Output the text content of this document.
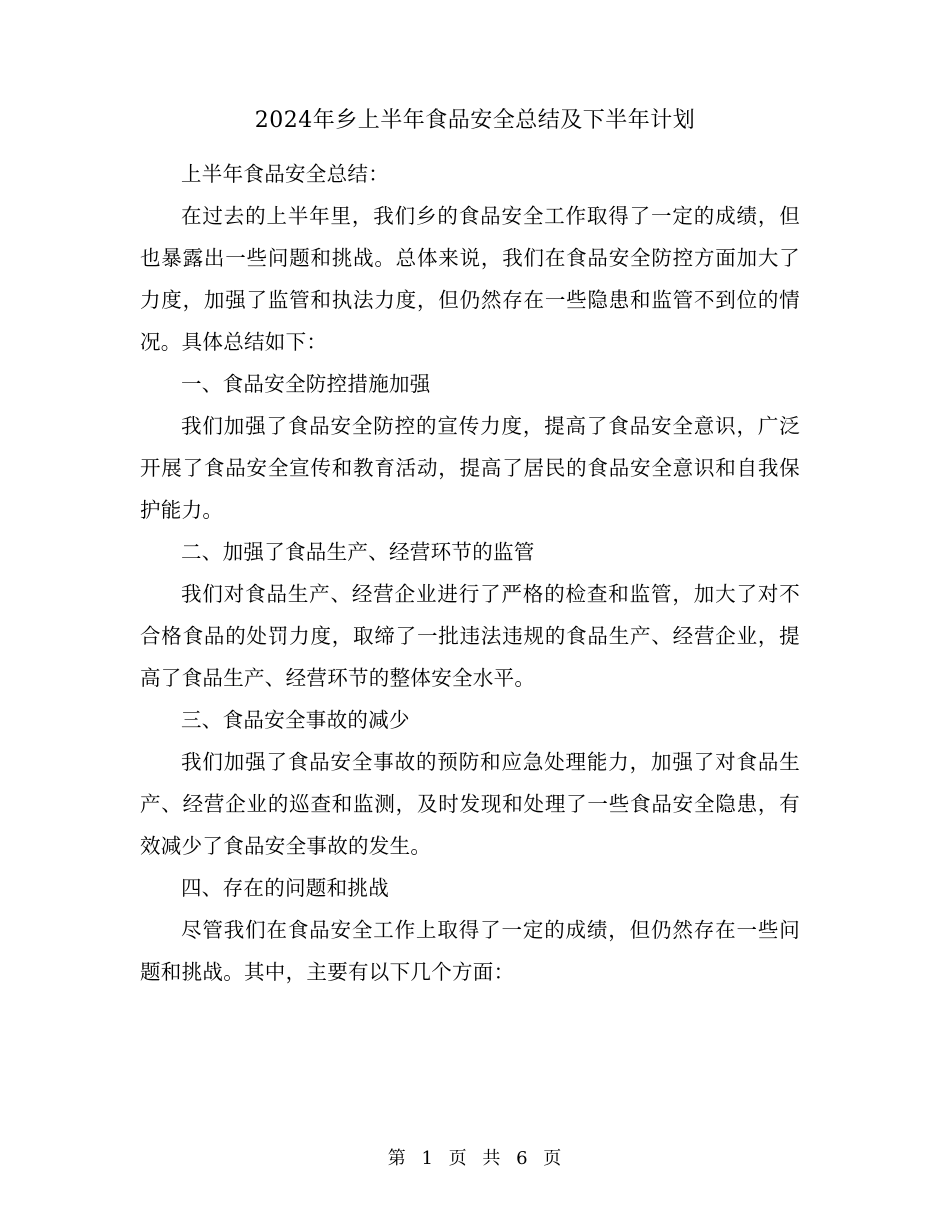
2024年乡上半年食品安全总结及下半年计划

上半年食品安全总结：

在过去的上半年里，我们乡的食品安全工作取得了一定的成绩，但也暴露出一些问题和挑战。总体来说，我们在食品安全防控方面加大了力度，加强了监管和执法力度，但仍然存在一些隐患和监管不到位的情况。具体总结如下：

一、食品安全防控措施加强

我们加强了食品安全防控的宣传力度，提高了食品安全意识，广泛开展了食品安全宣传和教育活动，提高了居民的食品安全意识和自我保护能力。

二、加强了食品生产、经营环节的监管

我们对食品生产、经营企业进行了严格的检查和监管，加大了对不合格食品的处罚力度，取缔了一批违法违规的食品生产、经营企业，提高了食品生产、经营环节的整体安全水平。

三、食品安全事故的减少

我们加强了食品安全事故的预防和应急处理能力，加强了对食品生产、经营企业的巡查和监测，及时发现和处理了一些食品安全隐患，有效减少了食品安全事故的发生。

四、存在的问题和挑战

尽管我们在食品安全工作上取得了一定的成绩，但仍然存在一些问题和挑战。其中，主要有以下几个方面：

第 1 页 共 6 页
